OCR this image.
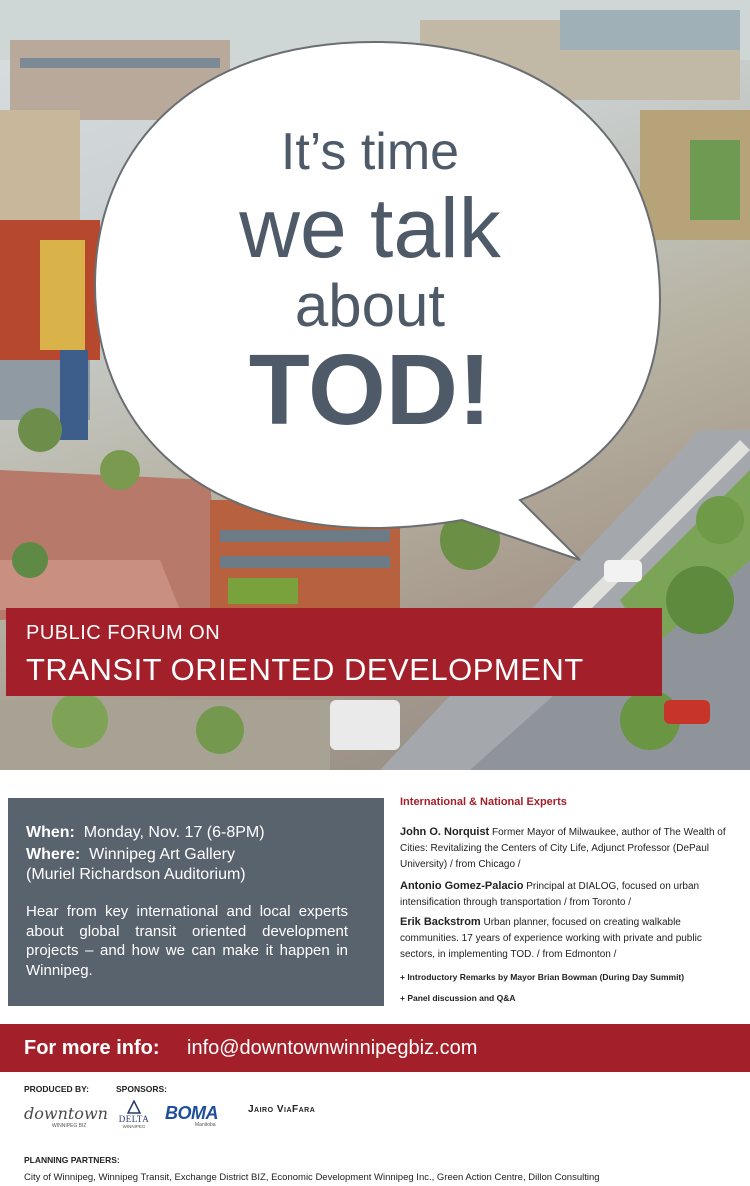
It’s time
we talk
about
TOD!
PUBLIC FORUM ON
TRANSIT ORIENTED DEVELOPMENT
When: Monday, Nov. 17 (6-8PM)
Where: Winnipeg Art Gallery
(Muriel Richardson Auditorium)
Hear from key international and local experts about global transit oriented development projects – and how we can make it happen in Winnipeg.
International & National Experts
John O. Norquist Former Mayor of Milwaukee, author of The Wealth of Cities: Revitalizing the Centers of City Life, Adjunct Professor (DePaul University) / from Chicago /
Antonio Gomez-Palacio Principal at DIALOG, focused on urban intensification through transportation / from Toronto /
Erik Backstrom Urban planner, focused on creating walkable communities. 17 years of experience working with private and public sectors, in implementing TOD. / from Edmonton /
+ Introductory Remarks by Mayor Brian Bowman (During Day Summit)
+ Panel discussion and Q&A
For more info: info@downtownwinnipegbiz.com
PRODUCED BY:	SPONSORS:
downtown
WINNIPEG BIZ
DELTA
WINNIPEG
BOMA
Manitoba
Jairo ViaFara
PLANNING PARTNERS:
City of Winnipeg, Winnipeg Transit, Exchange District BIZ, Economic Development Winnipeg Inc., Green Action Centre, Dillon Consulting
